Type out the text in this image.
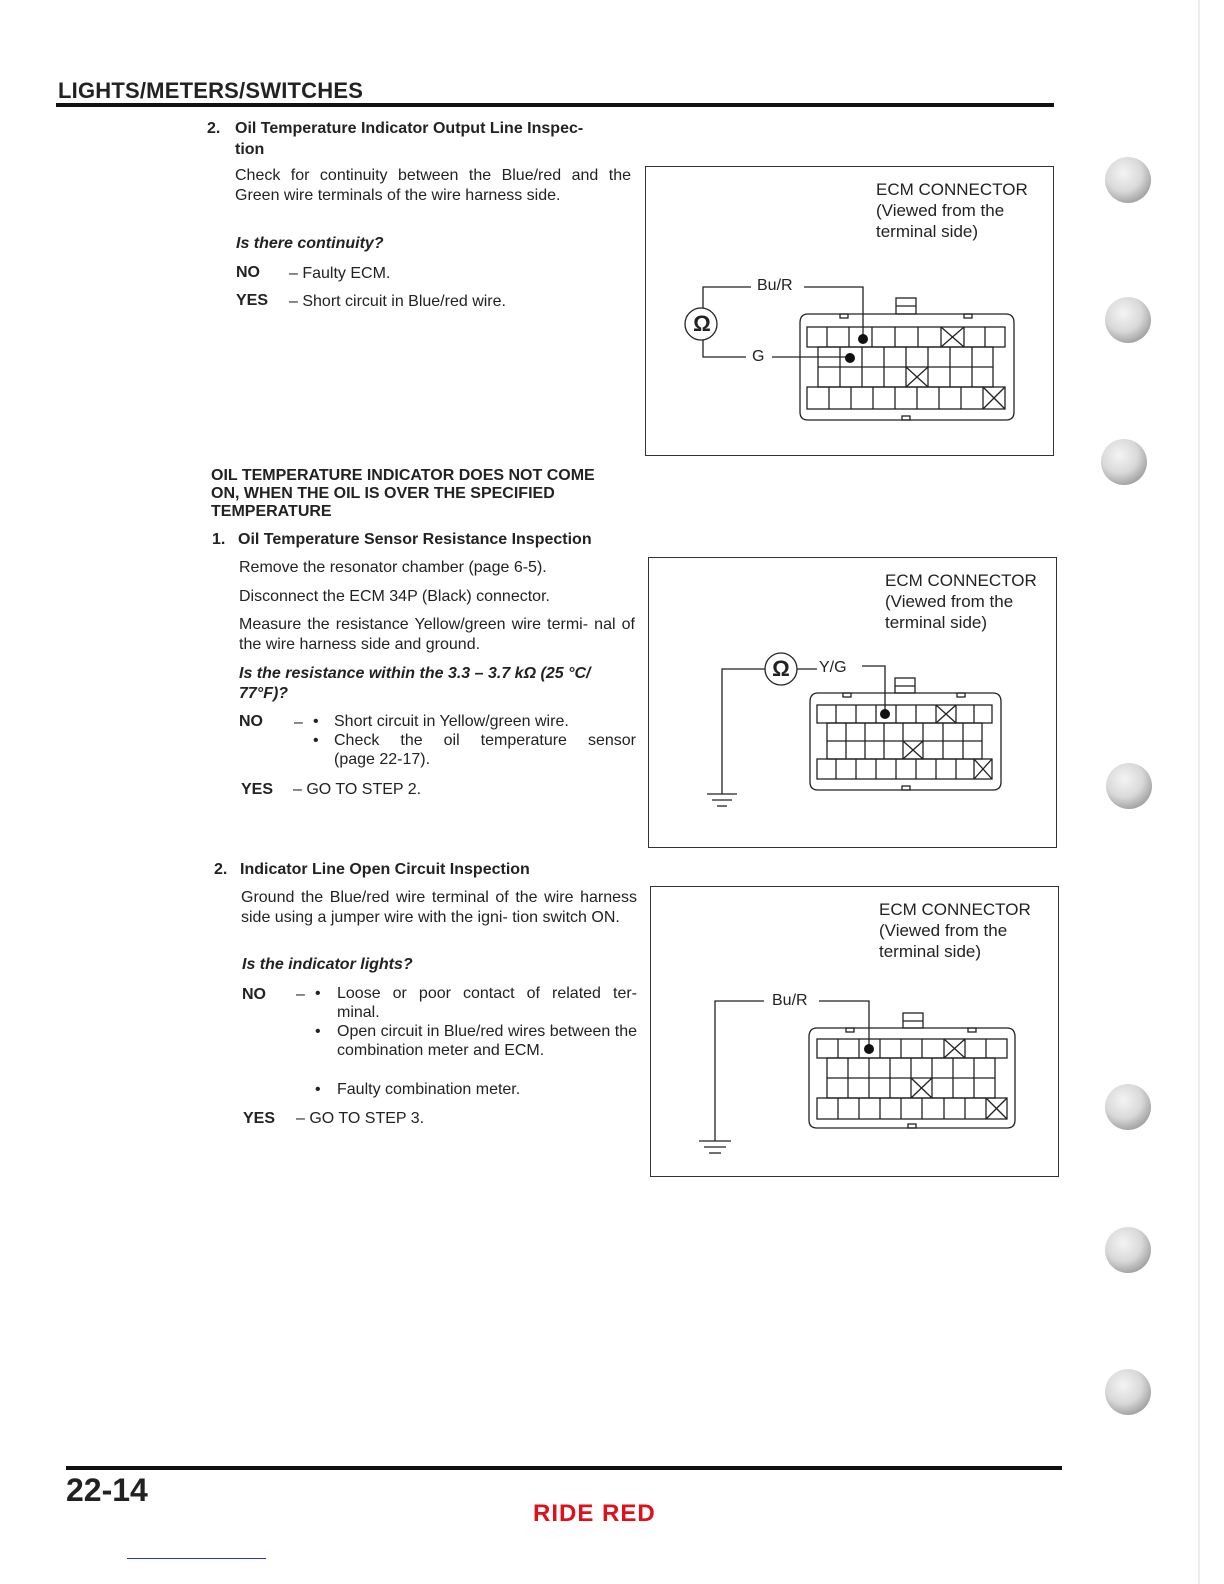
LIGHTS/METERS/SWITCHES
2. Oil Temperature Indicator Output Line Inspec-
tion
Check for continuity between the Blue/red and the Green wire terminals of the wire harness side.
Is there continuity?
NO – Faulty ECM.
YES – Short circuit in Blue/red wire.
ECM CONNECTOR
(Viewed from the
terminal side)
Ω
Bu/R
G
OIL TEMPERATURE INDICATOR DOES NOT COME
ON, WHEN THE OIL IS OVER THE SPECIFIED
TEMPERATURE
1. Oil Temperature Sensor Resistance Inspection
Remove the resonator chamber (page 6-5).
Disconnect the ECM 34P (Black) connector.
Measure the resistance Yellow/green wire termi- nal of the wire harness side and ground.
Is the resistance within the 3.3 – 3.7 kΩ (25 °C/
77°F)?
NO – • Short circuit in Yellow/green wire.
• Check the oil temperature sensor
(page 22-17).
YES – GO TO STEP 2.
ECM CONNECTOR
(Viewed from the
terminal side)
Ω	Y/G
2. Indicator Line Open Circuit Inspection
Ground the Blue/red wire terminal of the wire harness side using a jumper wire with the igni- tion switch ON.
Is the indicator lights?
NO – • Loose or poor contact of related ter- minal.
• Open circuit in Blue/red wires between the combination meter and ECM.
• Faulty combination meter.
YES – GO TO STEP 3.
ECM CONNECTOR
(Viewed from the
terminal side)
Bu/R
22-14
RIDE RED
